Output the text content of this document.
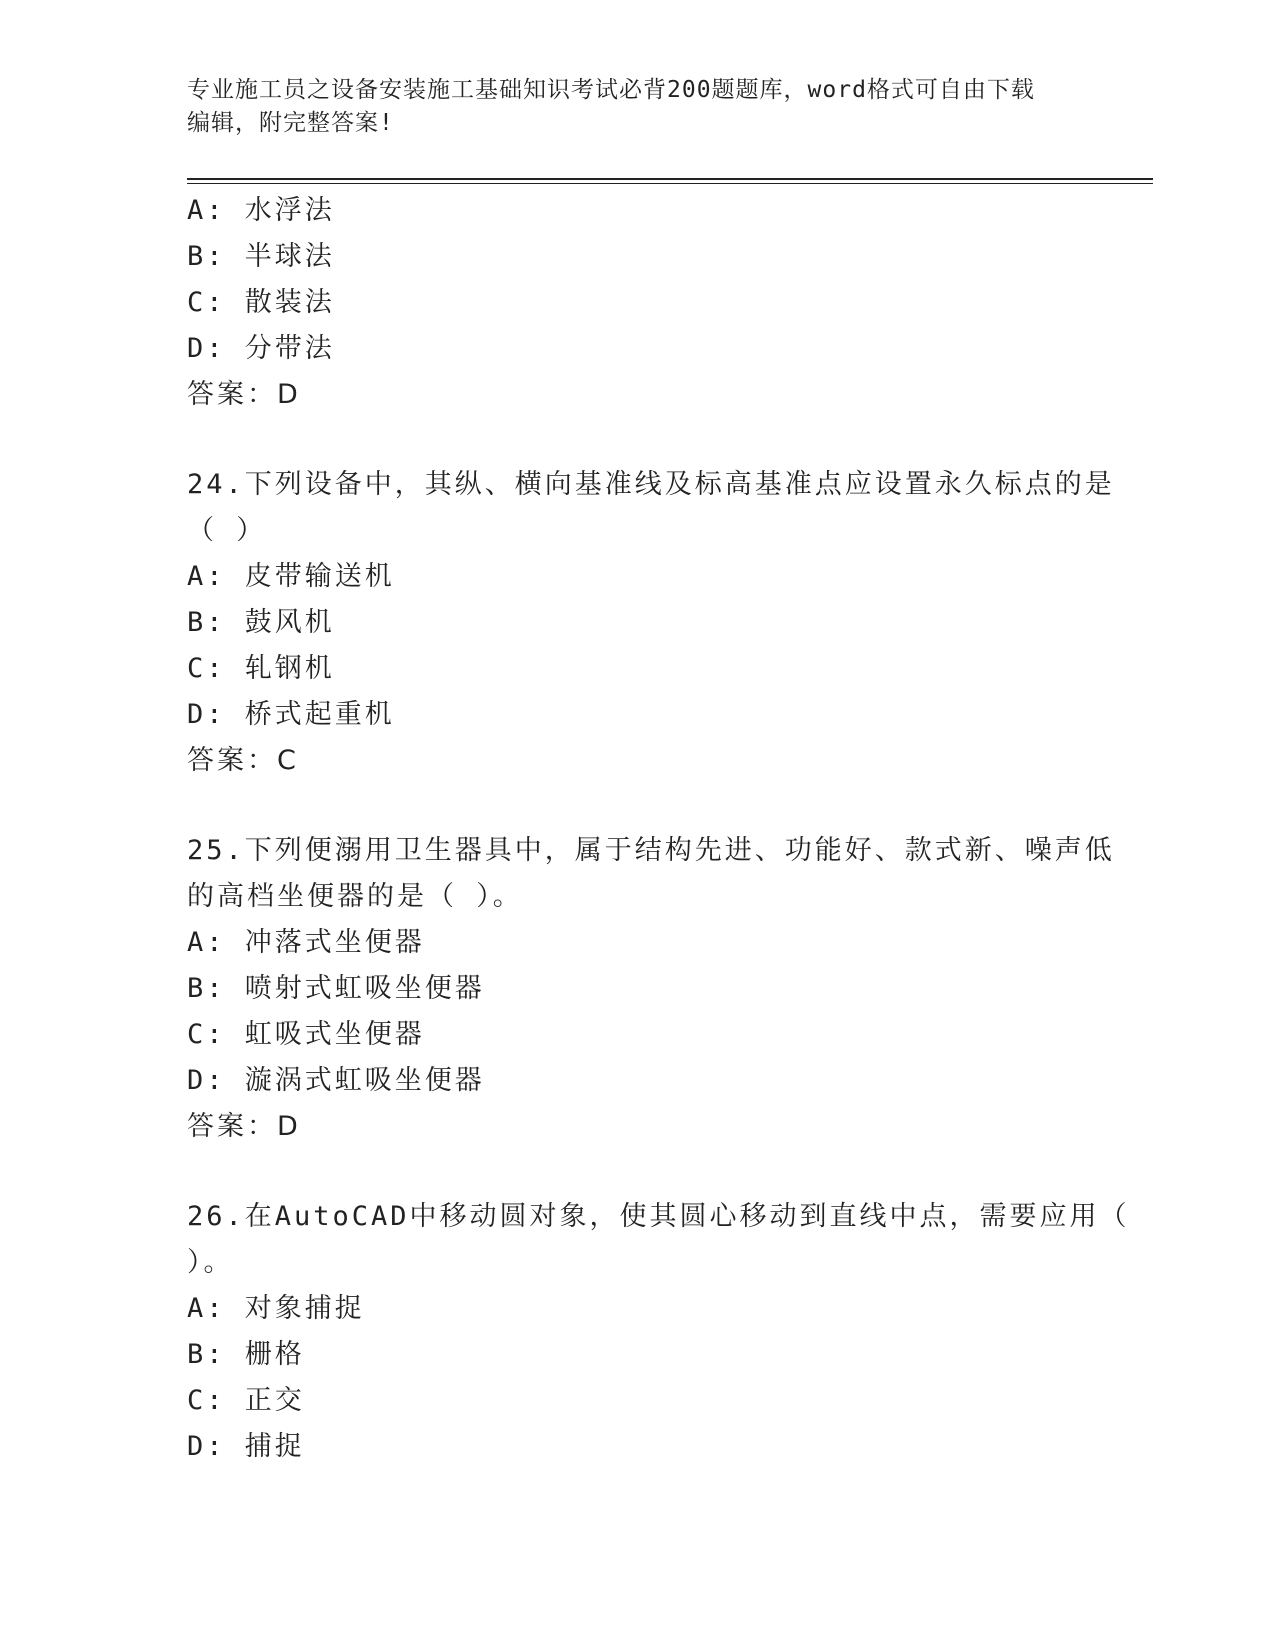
专业施工员之设备安装施工基础知识考试必背200题题库，word格式可自由下载
编辑，附完整答案!
A: 水浮法
B: 半球法
C: 散装法
D: 分带法
答案：D
24.下列设备中，其纵、横向基准线及标高基准点应设置永久标点的是
（ ）
A: 皮带输送机
B: 鼓风机
C: 轧钢机
D: 桥式起重机
答案：C
25.下列便溺用卫生器具中，属于结构先进、功能好、款式新、噪声低
的高档坐便器的是（ ）。
A: 冲落式坐便器
B: 喷射式虹吸坐便器
C: 虹吸式坐便器
D: 漩涡式虹吸坐便器
答案：D
26.在AutoCAD中移动圆对象，使其圆心移动到直线中点，需要应用（
）。
A: 对象捕捉
B: 栅格
C: 正交
D: 捕捉
